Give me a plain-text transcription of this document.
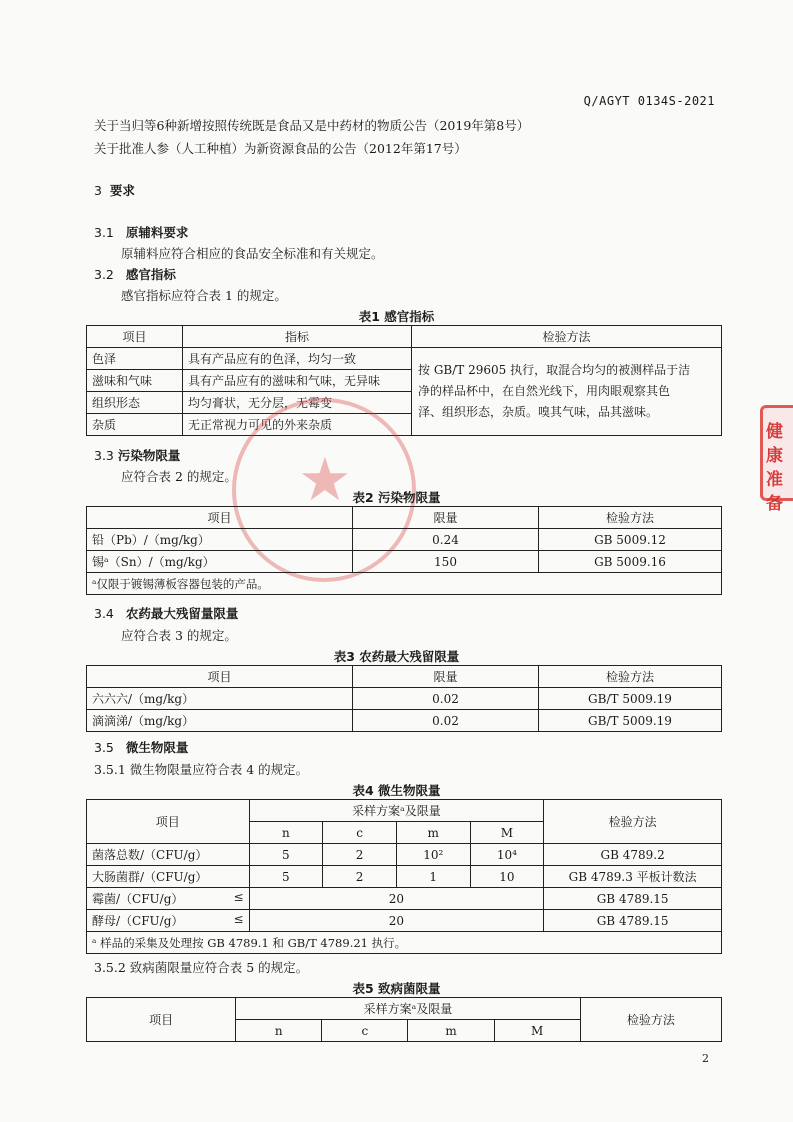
Q/AGYT 0134S-2021
关于当归等6种新增按照传统既是食品又是中药材的物质公告（2019年第8号）
关于批准人参（人工种植）为新资源食品的公告（2012年第17号）
3 要求
3.1 原辅料要求
原辅料应符合相应的食品安全标准和有关规定。
3.2 感官指标
感官指标应符合表 1 的规定。
表1 感官指标
项目	指标	检验方法
色泽	具有产品应有的色泽，均匀一致	按 GB/T 29605 执行，取混合均匀的被测样品于洁
净的样品杯中，在自然光线下，用肉眼观察其色
泽、组织形态，杂质。嗅其气味，品其滋味。

滋味和气味	具有产品应有的滋味和气味，无异味	
组织形态	均匀膏状，无分层，无霉变	
杂质	无正常视力可见的外来杂质	
★
3.3 污染物限量
应符合表 2 的规定。
表2 污染物限量
项目	限量	检验方法
铅（Pb）/（mg/kg）	0.24	GB 5009.12
锡ᵃ（Sn）/（mg/kg）	150	GB 5009.16
ᵃ仅限于镀锡薄板容器包装的产品。		
3.4 农药最大残留量限量
应符合表 3 的规定。
表3 农药最大残留限量
项目	限量	检验方法
六六六/（mg/kg）	0.02	GB/T 5009.19
滴滴涕/（mg/kg）	0.02	GB/T 5009.19
3.5 微生物限量
3.5.1 微生物限量应符合表 4 的规定。
表4 微生物限量
项目	采样方案ᵃ及限量				检验方法
	n	c	m	M	
菌落总数/（CFU/g）	5	2	10²	10⁴	GB 4789.2
大肠菌群/（CFU/g）	5	2	1	10	GB 4789.3 平板计数法
霉菌/（CFU/g） ≤	20				GB 4789.15
酵母/（CFU/g） ≤	20				GB 4789.15
ᵃ 样品的采集及处理按 GB 4789.1 和 GB/T 4789.21 执行。					
3.5.2 致病菌限量应符合表 5 的规定。
表5 致病菌限量
项目	采样方案ᵃ及限量				检验方法
	n	c	m	M	
健康
准备
2
